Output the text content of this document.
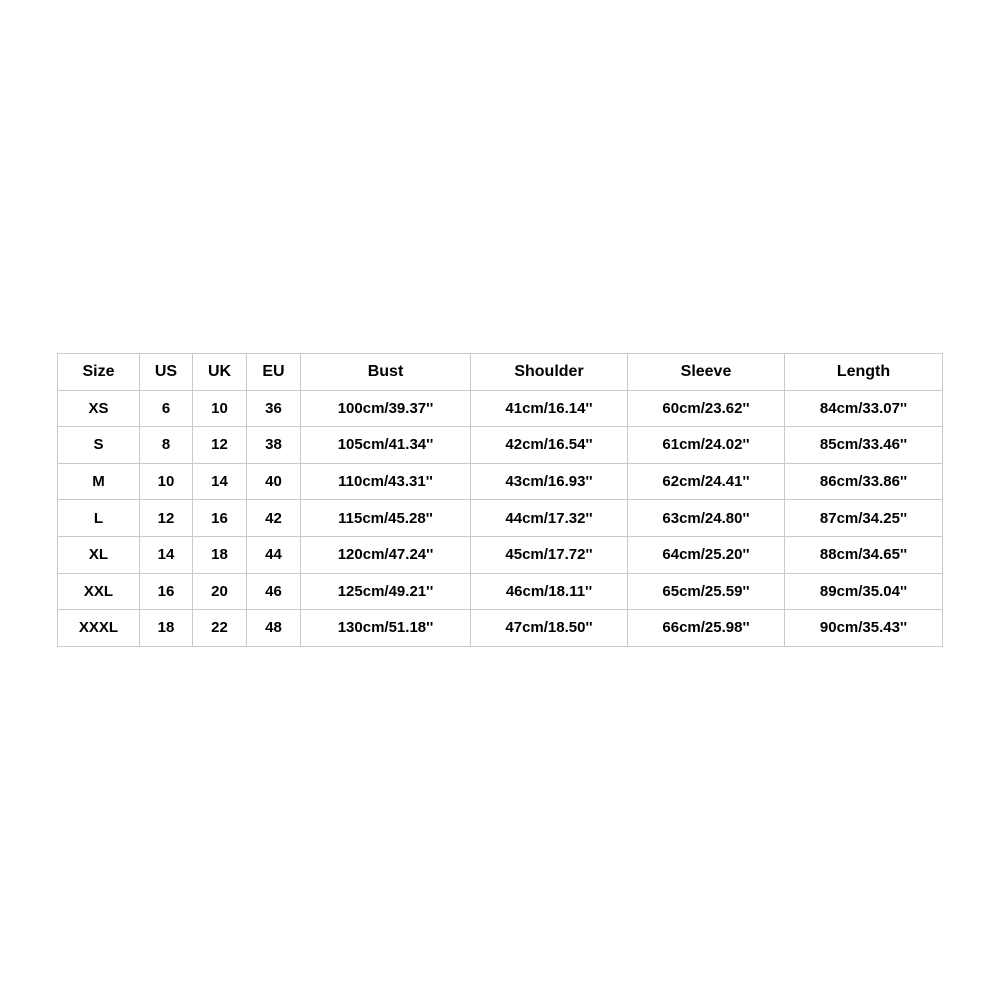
Size	US	UK	EU	Bust	Shoulder	Sleeve	Length
XS	6	10	36	100cm/39.37''	41cm/16.14''	60cm/23.62''	84cm/33.07''
S	8	12	38	105cm/41.34''	42cm/16.54''	61cm/24.02''	85cm/33.46''
M	10	14	40	110cm/43.31''	43cm/16.93''	62cm/24.41''	86cm/33.86''
L	12	16	42	115cm/45.28''	44cm/17.32''	63cm/24.80''	87cm/34.25''
XL	14	18	44	120cm/47.24''	45cm/17.72''	64cm/25.20''	88cm/34.65''
XXL	16	20	46	125cm/49.21''	46cm/18.11''	65cm/25.59''	89cm/35.04''
XXXL	18	22	48	130cm/51.18''	47cm/18.50''	66cm/25.98''	90cm/35.43''
